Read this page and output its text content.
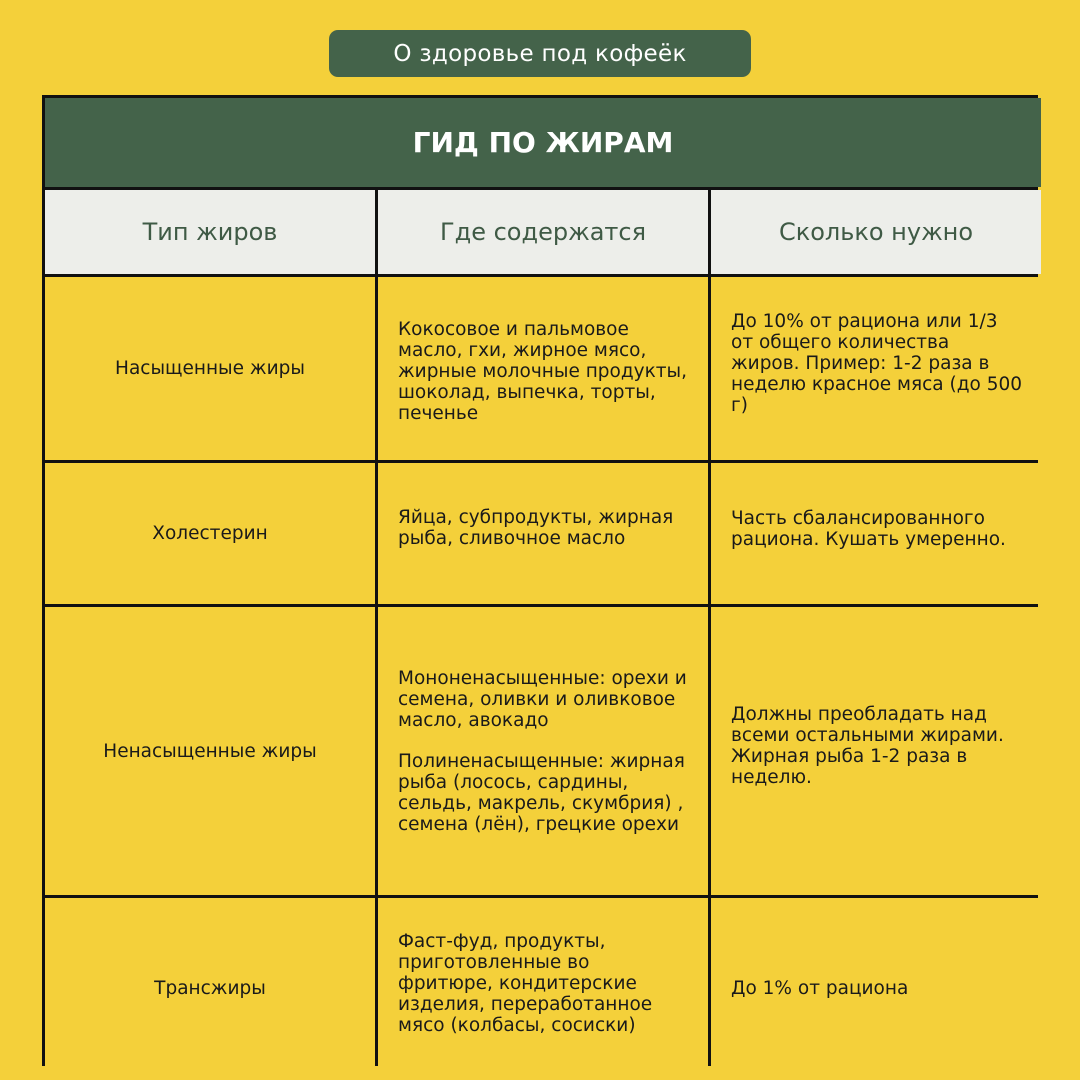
О здоровье под кофеёк
ГИД ПО ЖИРАМ
Тип жиров	Где содержатся	Сколько нужно
Насыщенные жиры
Кокосовое и пальмовое масло, гхи, жирное мясо, жирные молочные продукты, шоколад, выпечка, торты, печенье
До 10% от рациона или 1/3 от общего количества жиров. Пример: 1-2 раза в неделю красное мяса (до 500 г)
Холестерин
Яйца, субпродукты, жирная рыба, сливочное масло
Часть сбалансированного рациона. Кушать умеренно.
Ненасыщенные жиры
Мононенасыщенные: орехи и семена, оливки и оливковое масло, авокадо
Полиненасыщенные: жирная рыба (лосось, сардины, сельдь, макрель, скумбрия) , семена (лён), грецкие орехи
Должны преобладать над всеми остальными жирами. Жирная рыба 1-2 раза в неделю.
Трансжиры
Фаст-фуд, продукты, приготовленные во фритюре, кондитерские изделия, переработанное мясо (колбасы, сосиски)
До 1% от рациона
